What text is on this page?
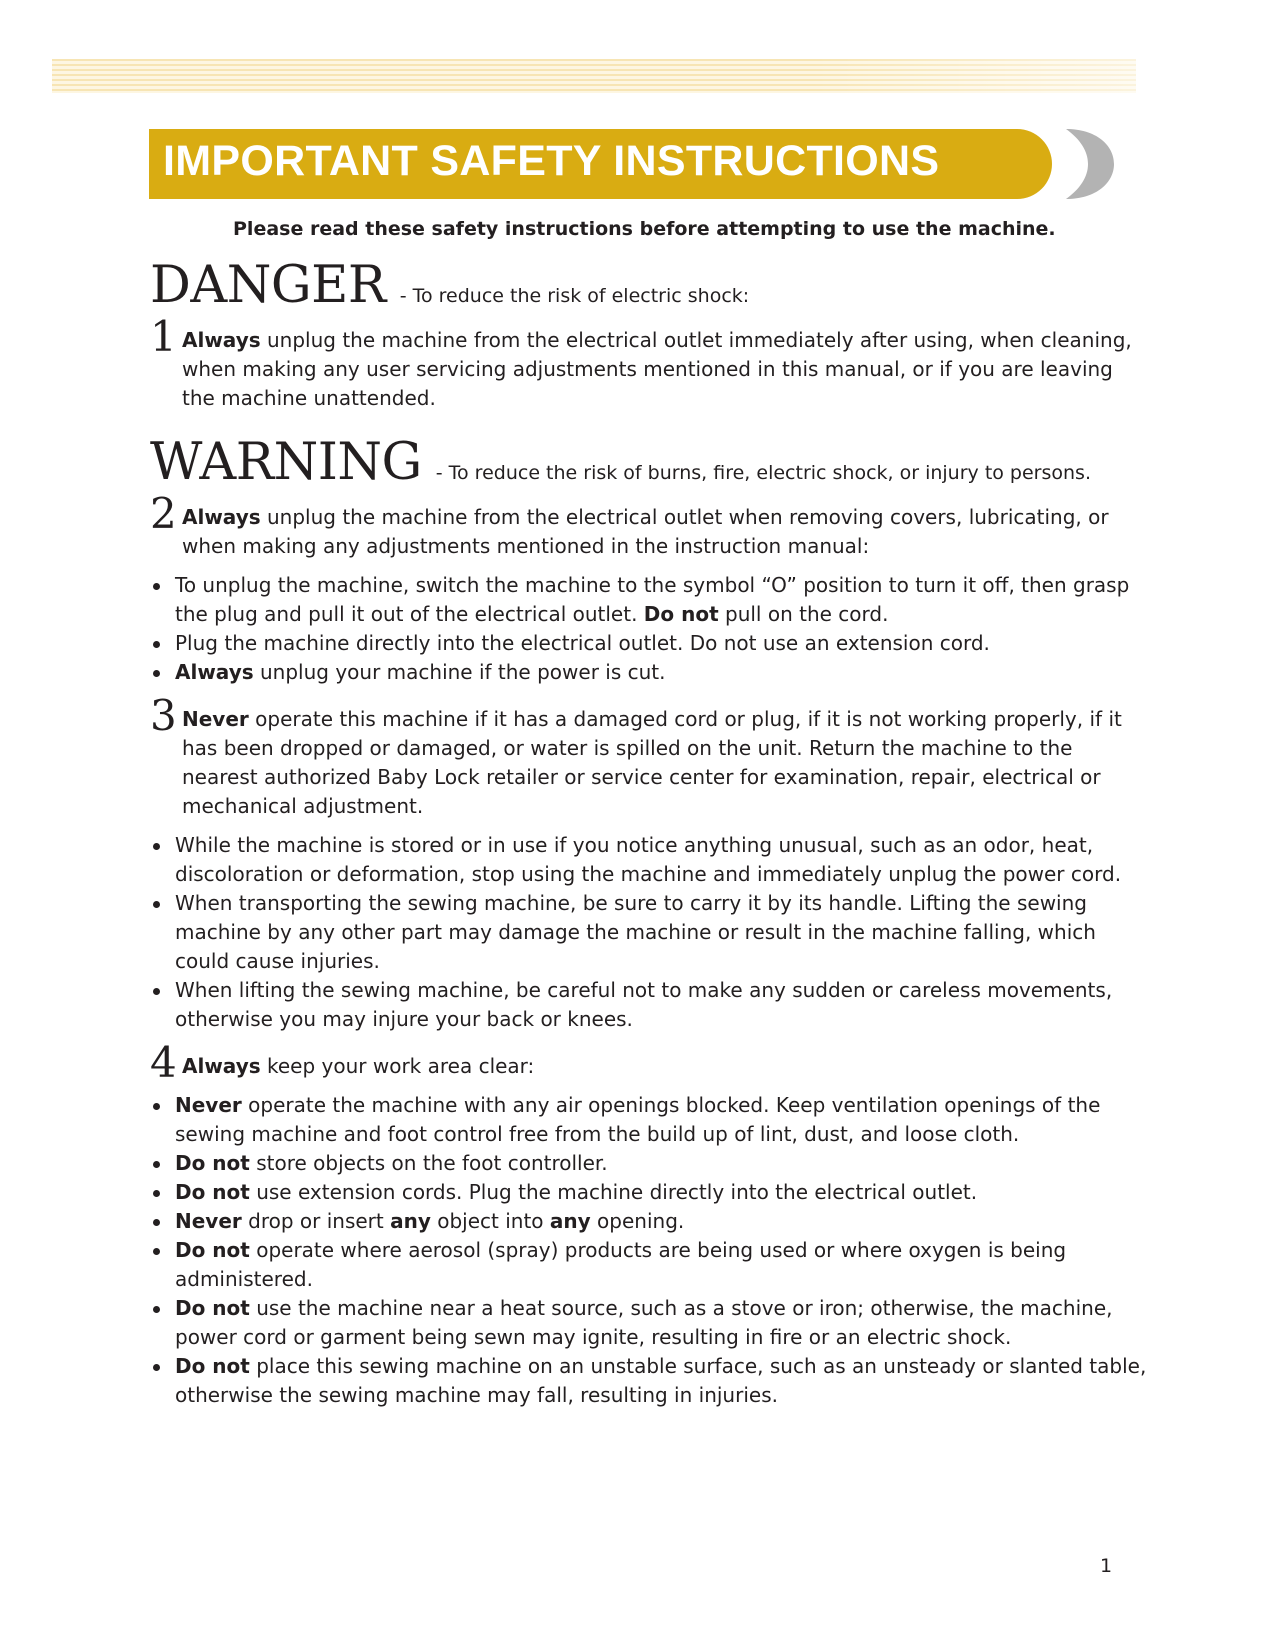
IMPORTANT SAFETY INSTRUCTIONS
Please read these safety instructions before attempting to use the machine.
DANGER - To reduce the risk of electric shock:
1 Always unplug the machine from the electrical outlet immediately after using, when cleaning, when making any user servicing adjustments mentioned in this manual, or if you are leaving the machine unattended.
WARNING - To reduce the risk of burns, fire, electric shock, or injury to persons.
2 Always unplug the machine from the electrical outlet when removing covers, lubricating, or when making any adjustments mentioned in the instruction manual:
To unplug the machine, switch the machine to the symbol “O” position to turn it off, then grasp the plug and pull it out of the electrical outlet. Do not pull on the cord.
Plug the machine directly into the electrical outlet. Do not use an extension cord.
Always unplug your machine if the power is cut.
3 Never operate this machine if it has a damaged cord or plug, if it is not working properly, if it has been dropped or damaged, or water is spilled on the unit. Return the machine to the nearest authorized Baby Lock retailer or service center for examination, repair, electrical or mechanical adjustment.
While the machine is stored or in use if you notice anything unusual, such as an odor, heat, discoloration or deformation, stop using the machine and immediately unplug the power cord.
When transporting the sewing machine, be sure to carry it by its handle. Lifting the sewing machine by any other part may damage the machine or result in the machine falling, which could cause injuries.
When lifting the sewing machine, be careful not to make any sudden or careless movements, otherwise you may injure your back or knees.
4 Always keep your work area clear:
Never operate the machine with any air openings blocked. Keep ventilation openings of the sewing machine and foot control free from the build up of lint, dust, and loose cloth.
Do not store objects on the foot controller.
Do not use extension cords. Plug the machine directly into the electrical outlet.
Never drop or insert any object into any opening.
Do not operate where aerosol (spray) products are being used or where oxygen is being administered.
Do not use the machine near a heat source, such as a stove or iron; otherwise, the machine, power cord or garment being sewn may ignite, resulting in fire or an electric shock.
Do not place this sewing machine on an unstable surface, such as an unsteady or slanted table, otherwise the sewing machine may fall, resulting in injuries.
1
